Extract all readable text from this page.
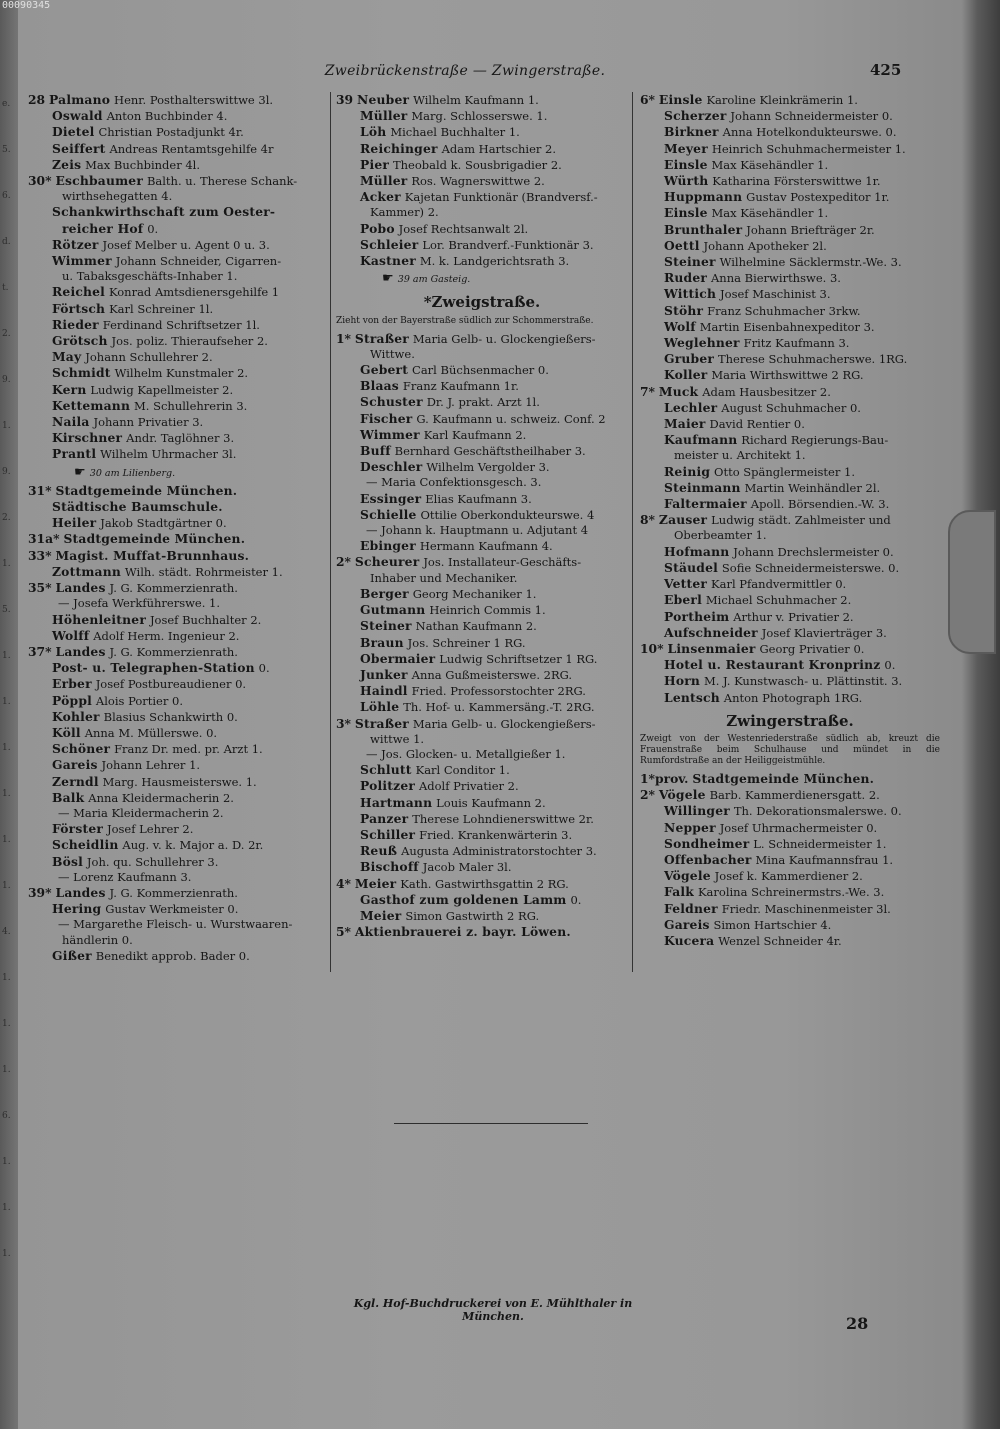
00090345
e.
5.
6.
d.
t.
2.
9.
1.
9.
2.
1.
5.
1.
1.
1.
1.
1.
1.
4.
1.
1.
1.
6.
1.
1.
1.
Zweibrückenstraße — Zwingerstraße.	425
28 Palmano Henr. Posthalterswittwe 3l.
Oswald Anton Buchbinder 4.
Dietel Christian Postadjunkt 4r.
Seiffert Andreas Rentamtsgehilfe 4r
Zeis Max Buchbinder 4l.
30* Eschbaumer Balth. u. Therese Schank-
wirthsehegatten 4.
Schankwirthschaft zum Oester-
reicher Hof 0.
Rötzer Josef Melber u. Agent 0 u. 3.
Wimmer Johann Schneider, Cigarren-
u. Tabaksgeschäfts-Inhaber 1.
Reichel Konrad Amtsdienersgehilfe 1
Förtsch Karl Schreiner 1l.
Rieder Ferdinand Schriftsetzer 1l.
Grötsch Jos. poliz. Thieraufseher 2.
May Johann Schullehrer 2.
Schmidt Wilhelm Kunstmaler 2.
Kern Ludwig Kapellmeister 2.
Kettemann M. Schullehrerin 3.
Naila Johann Privatier 3.
Kirschner Andr. Taglöhner 3.
Prantl Wilhelm Uhrmacher 3l.
☛ 30 am Lilienberg.
31* Stadtgemeinde München.
Städtische Baumschule.
Heiler Jakob Stadtgärtner 0.
31a* Stadtgemeinde München.
33* Magist. Muffat-Brunnhaus.
Zottmann Wilh. städt. Rohrmeister 1.
35* Landes J. G. Kommerzienrath.
— Josefa Werkführerswe. 1.
Höhenleitner Josef Buchhalter 2.
Wolff Adolf Herm. Ingenieur 2.
37* Landes J. G. Kommerzienrath.
Post- u. Telegraphen-Station 0.
Erber Josef Postbureaudiener 0.
Pöppl Alois Portier 0.
Kohler Blasius Schankwirth 0.
Köll Anna M. Müllerswe. 0.
Schöner Franz Dr. med. pr. Arzt 1.
Gareis Johann Lehrer 1.
Zerndl Marg. Hausmeisterswe. 1.
Balk Anna Kleidermacherin 2.
— Maria Kleidermacherin 2.
Förster Josef Lehrer 2.
Scheidlin Aug. v. k. Major a. D. 2r.
Bösl Joh. qu. Schullehrer 3.
— Lorenz Kaufmann 3.
39* Landes J. G. Kommerzienrath.
Hering Gustav Werkmeister 0.
— Margarethe Fleisch- u. Wurstwaaren-
händlerin 0.
Gißer Benedikt approb. Bader 0.
39 Neuber Wilhelm Kaufmann 1.
Müller Marg. Schlosserswe. 1.
Löh Michael Buchhalter 1.
Reichinger Adam Hartschier 2.
Pier Theobald k. Sousbrigadier 2.
Müller Ros. Wagnerswittwe 2.
Acker Kajetan Funktionär (Brandversf.-
Kammer) 2.
Pobo Josef Rechtsanwalt 2l.
Schleier Lor. Brandverf.-Funktionär 3.
Kastner M. k. Landgerichtsrath 3.
☛ 39 am Gasteig.
*Zweigstraße.
Zieht von der Bayerstraße südlich zur Schommerstraße.
1* Straßer Maria Gelb- u. Glockengießers-
Wittwe.
Gebert Carl Büchsenmacher 0.
Blaas Franz Kaufmann 1r.
Schuster Dr. J. prakt. Arzt 1l.
Fischer G. Kaufmann u. schweiz. Conf. 2
Wimmer Karl Kaufmann 2.
Buff Bernhard Geschäftstheilhaber 3.
Deschler Wilhelm Vergolder 3.
— Maria Confektionsgesch. 3.
Essinger Elias Kaufmann 3.
Schielle Ottilie Oberkondukteurswe. 4
— Johann k. Hauptmann u. Adjutant 4
Ebinger Hermann Kaufmann 4.
2* Scheurer Jos. Installateur-Geschäfts-
Inhaber und Mechaniker.
Berger Georg Mechaniker 1.
Gutmann Heinrich Commis 1.
Steiner Nathan Kaufmann 2.
Braun Jos. Schreiner 1 RG.
Obermaier Ludwig Schriftsetzer 1 RG.
Junker Anna Gußmeisterswe. 2RG.
Haindl Fried. Professorstochter 2RG.
Löhle Th. Hof- u. Kammersäng.-T. 2RG.
3* Straßer Maria Gelb- u. Glockengießers-
wittwe 1.
— Jos. Glocken- u. Metallgießer 1.
Schlutt Karl Conditor 1.
Politzer Adolf Privatier 2.
Hartmann Louis Kaufmann 2.
Panzer Therese Lohndienerswittwe 2r.
Schiller Fried. Krankenwärterin 3.
Reuß Augusta Administratorstochter 3.
Bischoff Jacob Maler 3l.
4* Meier Kath. Gastwirthsgattin 2 RG.
Gasthof zum goldenen Lamm 0.
Meier Simon Gastwirth 2 RG.
5* Aktienbrauerei z. bayr. Löwen.
6* Einsle Karoline Kleinkrämerin 1.
Scherzer Johann Schneidermeister 0.
Birkner Anna Hotelkondukteurswe. 0.
Meyer Heinrich Schuhmachermeister 1.
Einsle Max Käsehändler 1.
Würth Katharina Försterswittwe 1r.
Huppmann Gustav Postexpeditor 1r.
Einsle Max Käsehändler 1.
Brunthaler Johann Briefträger 2r.
Oettl Johann Apotheker 2l.
Steiner Wilhelmine Säcklermstr.-We. 3.
Ruder Anna Bierwirthswe. 3.
Wittich Josef Maschinist 3.
Stöhr Franz Schuhmacher 3rkw.
Wolf Martin Eisenbahnexpeditor 3.
Weglehner Fritz Kaufmann 3.
Gruber Therese Schuhmacherswe. 1RG.
Koller Maria Wirthswittwe 2 RG.
7* Muck Adam Hausbesitzer 2.
Lechler August Schuhmacher 0.
Maier David Rentier 0.
Kaufmann Richard Regierungs-Bau-
meister u. Architekt 1.
Reinig Otto Spänglermeister 1.
Steinmann Martin Weinhändler 2l.
Faltermaier Apoll. Börsendien.-W. 3.
8* Zauser Ludwig städt. Zahlmeister und
Oberbeamter 1.
Hofmann Johann Drechslermeister 0.
Stäudel Sofie Schneidermeisterswe. 0.
Vetter Karl Pfandvermittler 0.
Eberl Michael Schuhmacher 2.
Portheim Arthur v. Privatier 2.
Aufschneider Josef Klavierträger 3.
10* Linsenmaier Georg Privatier 0.
Hotel u. Restaurant Kronprinz 0.
Horn M. J. Kunstwasch- u. Plättinstit. 3.
Lentsch Anton Photograph 1RG.
Zwingerstraße.
Zweigt von der Westenriederstraße südlich ab, kreuzt die Frauenstraße beim Schulhause und mündet in die Rumfordstraße an der Heiliggeistmühle.
1*prov. Stadtgemeinde München.
2* Vögele Barb. Kammerdienersgatt. 2.
Willinger Th. Dekorationsmalerswe. 0.
Nepper Josef Uhrmachermeister 0.
Sondheimer L. Schneidermeister 1.
Offenbacher Mina Kaufmannsfrau 1.
Vögele Josef k. Kammerdiener 2.
Falk Karolina Schreinermstrs.-We. 3.
Feldner Friedr. Maschinenmeister 3l.
Gareis Simon Hartschier 4.
Kucera Wenzel Schneider 4r.
Kgl. Hof-Buchdruckerei von E. Mühlthaler in München.	28
